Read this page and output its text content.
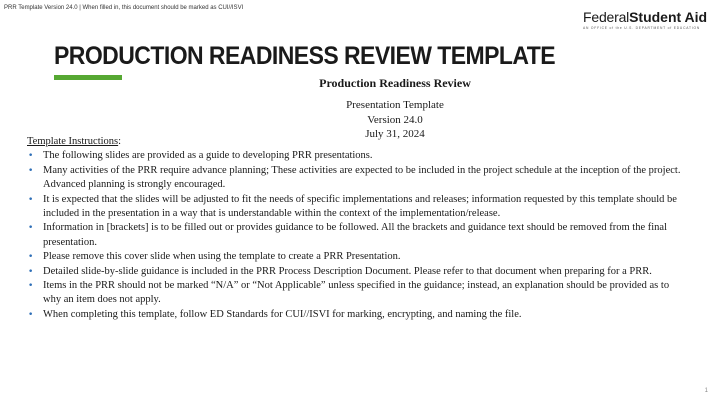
PRR Template Version 24.0 | When filled in, this document should be marked as CUI//ISVI
FederalStudent Aid
AN OFFICE of the U.S. DEPARTMENT of EDUCATION
PRODUCTION READINESS REVIEW TEMPLATE
Production Readiness Review
Presentation Template
Version 24.0
July 31, 2024
Template Instructions:
• The following slides are provided as a guide to developing PRR presentations.
• Many activities of the PRR require advance planning; These activities are expected to be included in the project schedule at the inception of the project. Advanced planning is strongly encouraged.
• It is expected that the slides will be adjusted to fit the needs of specific implementations and releases; information requested by this template should be included in the presentation in a way that is understandable within the context of the implementation/release.
• Information in [brackets] is to be filled out or provides guidance to be followed. All the brackets and guidance text should be removed from the final presentation.
• Please remove this cover slide when using the template to create a PRR Presentation.
• Detailed slide-by-slide guidance is included in the PRR Process Description Document. Please refer to that document when preparing for a PRR.
• Items in the PRR should not be marked “N/A” or “Not Applicable” unless specified in the guidance; instead, an explanation should be provided as to why an item does not apply.
• When completing this template, follow ED Standards for CUI//ISVI for marking, encrypting, and naming the file.
1
